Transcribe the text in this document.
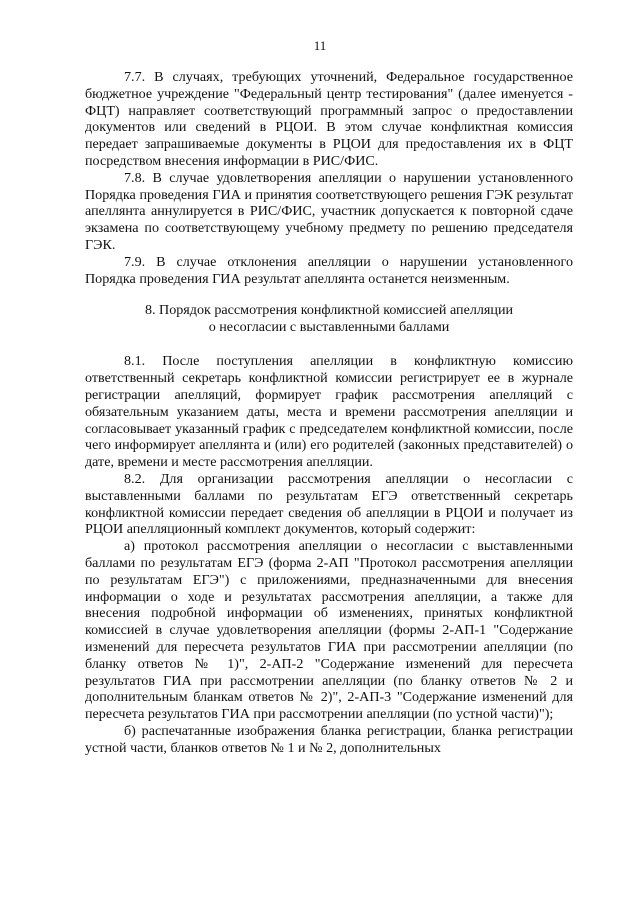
11

7.7. В случаях, требующих уточнений, Федеральное государственное бюджетное учреждение "Федеральный центр тестирования" (далее именуется - ФЦТ) направляет соответствующий программный запрос о предоставлении документов или сведений в РЦОИ. В этом случае конфликтная комиссия передает запрашиваемые документы в РЦОИ для предоставления их в ФЦТ посредством внесения информации в РИС/ФИС.

7.8. В случае удовлетворения апелляции о нарушении установленного Порядка проведения ГИА и принятия соответствующего решения ГЭК результат апеллянта аннулируется в РИС/ФИС, участник допускается к повторной сдаче экзамена по соответствующему учебному предмету по решению председателя ГЭК.

7.9. В случае отклонения апелляции о нарушении установленного Порядка проведения ГИА результат апеллянта останется неизменным.

8. Порядок рассмотрения конфликтной комиссией апелляции
о несогласии с выставленными баллами

8.1. После поступления апелляции в конфликтную комиссию ответственный секретарь конфликтной комиссии регистрирует ее в журнале регистрации апелляций, формирует график рассмотрения апелляций с обязательным указанием даты, места и времени рассмотрения апелляции и согласовывает указанный график с председателем конфликтной комиссии, после чего информирует апеллянта и (или) его родителей (законных представителей) о дате, времени и месте рассмотрения апелляции.

8.2. Для организации рассмотрения апелляции о несогласии с выставленными баллами по результатам ЕГЭ ответственный секретарь конфликтной комиссии передает сведения об апелляции в РЦОИ и получает из РЦОИ апелляционный комплект документов, который содержит:

а) протокол рассмотрения апелляции о несогласии с выставленными баллами по результатам ЕГЭ (форма 2-АП "Протокол рассмотрения апелляции по результатам ЕГЭ") с приложениями, предназначенными для внесения информации о ходе и результатах рассмотрения апелляции, а также для внесения подробной информации об изменениях, принятых конфликтной комиссией в случае удовлетворения апелляции (формы 2-АП-1 "Содержание изменений для пересчета результатов ГИА при рассмотрении апелляции (по бланку ответов № 1)", 2-АП-2 "Содержание изменений для пересчета результатов ГИА при рассмотрении апелляции (по бланку ответов № 2 и дополнительным бланкам ответов № 2)", 2-АП-3 "Содержание изменений для пересчета результатов ГИА при рассмотрении апелляции (по устной части)");

б) распечатанные изображения бланка регистрации, бланка регистрации устной части, бланков ответов № 1 и № 2, дополнительных
